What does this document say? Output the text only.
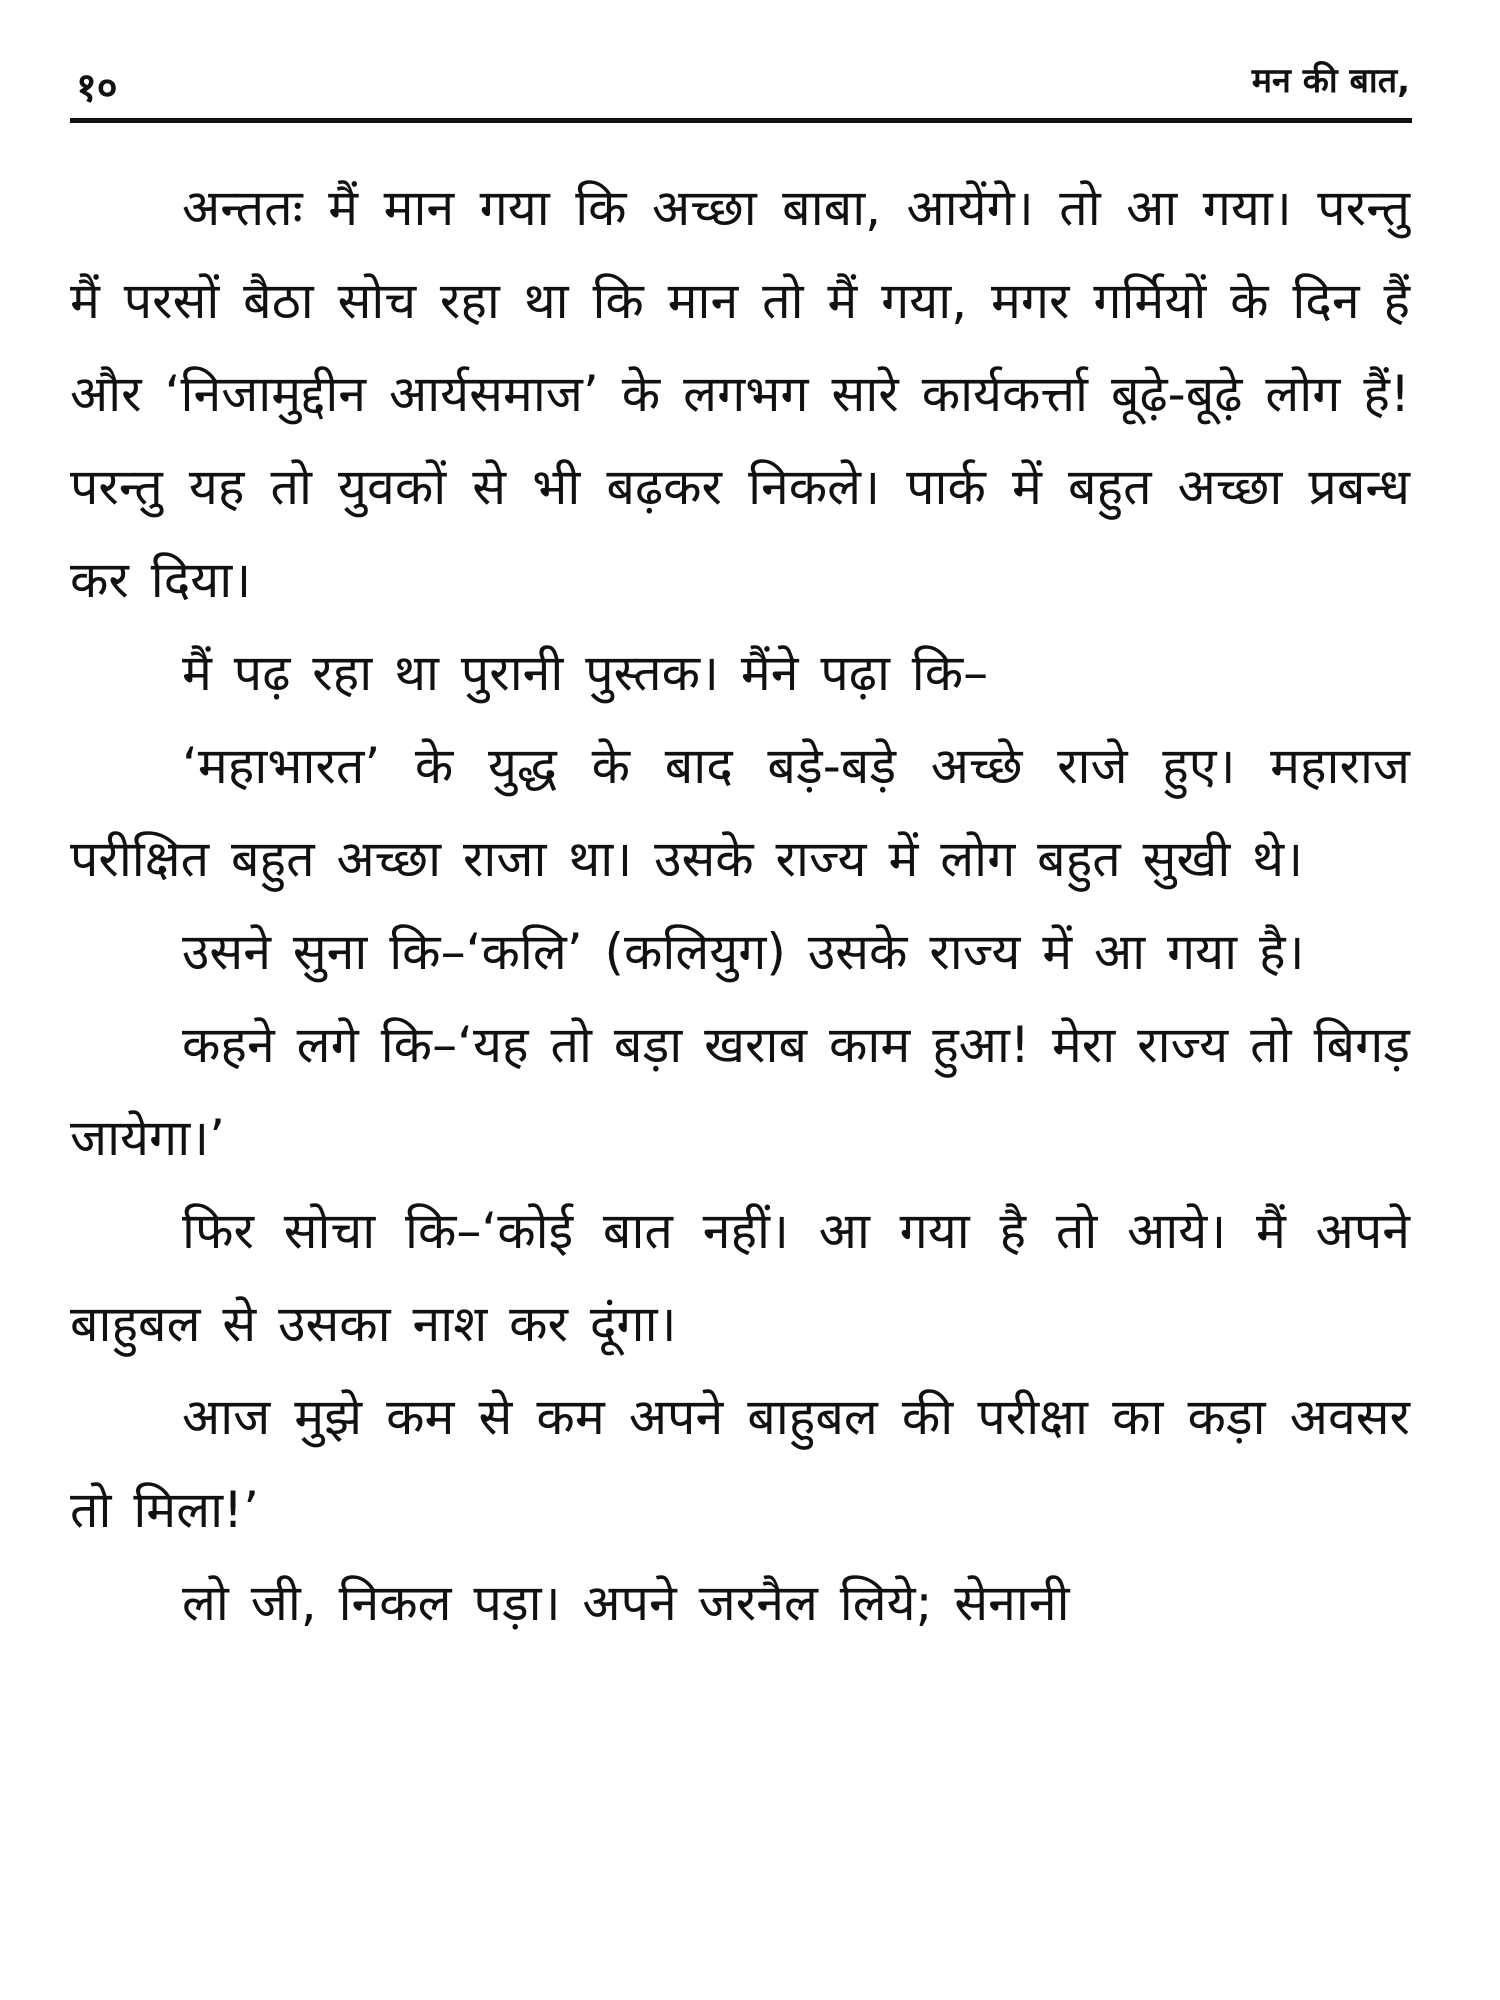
१०	मन की बात,

अन्ततः मैं मान गया कि अच्छा बाबा, आयेंगे। तो आ गया। परन्तु मैं परसों बैठा सोच रहा था कि मान तो मैं गया, मगर गर्मियों के दिन हैं और ‘निजामुद्दीन आर्यसमाज’ के लगभग सारे कार्यकर्त्ता बूढ़े-बूढ़े लोग हैं! परन्तु यह तो युवकों से भी बढ़कर निकले। पार्क में बहुत अच्छा प्रबन्ध कर दिया।

मैं पढ़ रहा था पुरानी पुस्तक। मैंने पढ़ा कि–

‘महाभारत’ के युद्ध के बाद बड़े-बड़े अच्छे राजे हुए। महाराज परीक्षित बहुत अच्छा राजा था। उसके राज्य में लोग बहुत सुखी थे।

उसने सुना कि–‘कलि’ (कलियुग) उसके राज्य में आ गया है।

कहने लगे कि–‘यह तो बड़ा खराब काम हुआ! मेरा राज्य तो बिगड़ जायेगा।’

फिर सोचा कि–‘कोई बात नहीं। आ गया है तो आये। मैं अपने बाहुबल से उसका नाश कर दूंगा।

आज मुझे कम से कम अपने बाहुबल की परीक्षा का कड़ा अवसर तो मिला!’

लो जी, निकल पड़ा। अपने जरनैल लिये; सेनानी
